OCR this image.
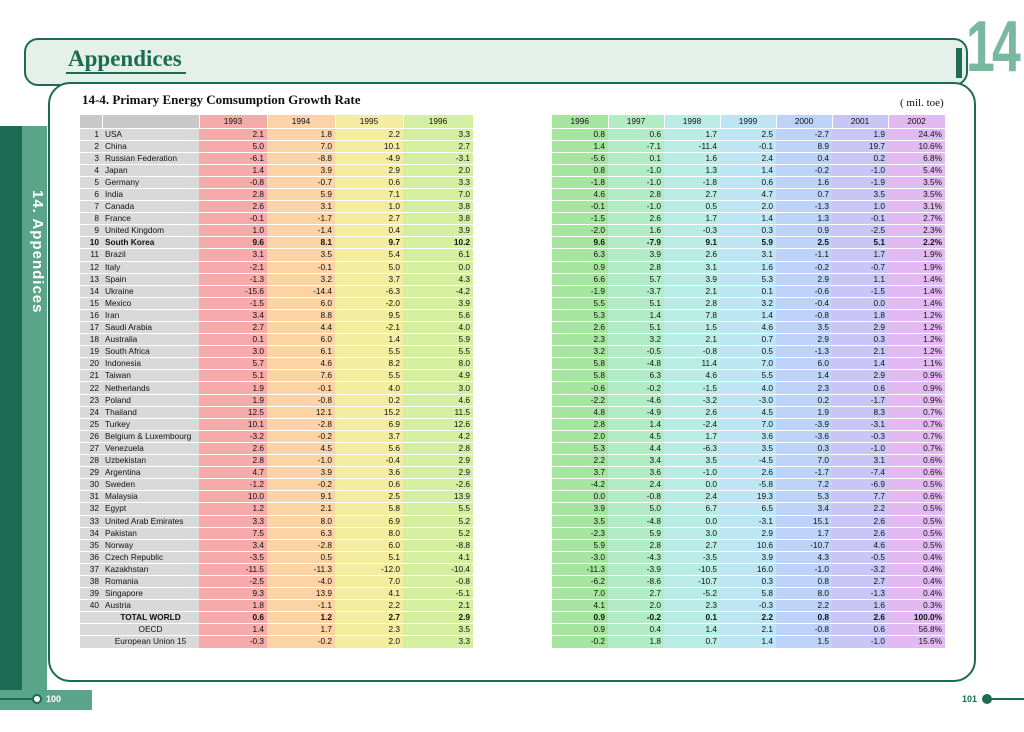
Appendices	14
14. Appendices
14-4. Primary Energy Comsumption Growth Rate	( mil. toe)
		1993	1994	1995	1996
1	USA	2.1	1.8	2.2	3.3
2	China	5.0	7.0	10.1	2.7
3	Russian Federation	-6.1	-8.8	-4.9	-3.1
4	Japan	1.4	3.9	2.9	2.0
5	Germany	-0.8	-0.7	0.6	3.3
6	India	2.8	5.9	7.1	7.0
7	Canada	2.6	3.1	1.0	3.8
8	France	-0.1	-1.7	2.7	3.8
9	United Kingdom	1.0	-1.4	0.4	3.9
10	South Korea	9.6	8.1	9.7	10.2
11	Brazil	3.1	3.5	5.4	6.1
12	Italy	-2.1	-0.1	5.0	0.0
13	Spain	-1.3	3.2	3.7	4.3
14	Ukraine	-15.6	-14.4	-6.3	-4.2
15	Mexico	-1.5	6.0	-2.0	3.9
16	Iran	3.4	8.8	9.5	5.6
17	Saudi Arabia	2.7	4.4	-2.1	4.0
18	Australia	0.1	6.0	1.4	5.9
19	South Africa	3.0	6.1	5.5	5.5
20	Indonesia	5.7	4.6	8.2	8.0
21	Taiwan	5.1	7.6	5.5	4.9
22	Netherlands	1.9	-0.1	4.0	3.0
23	Poland	1.9	-0.8	0.2	4.6
24	Thailand	12.5	12.1	15.2	11.5
25	Turkey	10.1	-2.8	6.9	12.6
26	Belgium & Luxembourg	-3.2	-0.2	3.7	4.2
27	Venezuela	2.6	4.5	5.6	2.8
28	Uzbekistan	2.8	-1.0	-0.4	2.9
29	Argentina	4.7	3.9	3.6	2.9
30	Sweden	-1.2	-0.2	0.6	-2.6
31	Malaysia	10.0	9.1	2.5	13.9
32	Egypt	1.2	2.1	5.8	5.5
33	United Arab Emirates	3.3	8.0	6.9	5.2
34	Pakistan	7.5	6.3	8.0	5.2
35	Norway	3.4	-2.8	6.0	-8.8
36	Czech Republic	-3.5	0.5	5.1	4.1
37	Kazakhstan	-11.5	-11.3	-12.0	-10.4
38	Romania	-2.5	-4.0	7.0	-0.8
39	Singapore	9.3	13.9	4.1	-5.1
40	Austria	1.8	-1.1	2.2	2.1
	TOTAL WORLD	0.6	1.2	2.7	2.9
	OECD	1.4	1.7	2.3	3.5
	European Union 15	-0.3	-0.2	2.0	3.3
1996	1997	1998	1999	2000	2001	2002
0.8	0.6	1.7	2.5	-2.7	1.9	24.4%
1.4	-7.1	-11.4	-0.1	8.9	19.7	10.6%
-5.6	0.1	1.6	2.4	0.4	0.2	6.8%
0.8	-1.0	1.3	1.4	-0.2	-1.0	5.4%
-1.8	-1.0	-1.8	0.6	1.6	-1.9	3.5%
4.6	2.8	2.7	4.7	0.7	3.5	3.5%
-0.1	-1.0	0.5	2.0	-1.3	1.0	3.1%
-1.5	2.6	1.7	1.4	1.3	-0.1	2.7%
-2.0	1.6	-0.3	0.3	0.9	-2.5	2.3%
9.6	-7.9	9.1	5.9	2.5	5.1	2.2%
6.3	3.9	2.6	3.1	-1.1	1.7	1.9%
0.9	2.8	3.1	1.6	-0.2	-0.7	1.9%
6.6	5.7	3.9	5.3	2.9	1.1	1.4%
-1.9	-3.7	2.1	0.1	-0.6	-1.5	1.4%
5.5	5.1	2.8	3.2	-0.4	0.0	1.4%
5.3	1.4	7.8	1.4	-0.8	1.8	1.2%
2.6	5.1	1.5	4.6	3.5	2.9	1.2%
2.3	3.2	2.1	0.7	2.9	0.3	1.2%
3.2	-0.5	-0.8	0.5	-1.3	2.1	1.2%
5.8	-4.8	11.4	7.0	6.0	1.4	1.1%
5.8	6.3	4.6	5.5	1.4	2.9	0.9%
-0.6	-0.2	-1.5	4.0	2.3	0.6	0.9%
-2.2	-4.6	-3.2	-3.0	0.2	-1.7	0.9%
4.8	-4.9	2.6	4.5	1.9	8.3	0.7%
2.8	1.4	-2.4	7.0	-3.9	-3.1	0.7%
2.0	4.5	1.7	3.6	-3.6	-0.3	0.7%
5.3	4.4	-6.3	3.5	0.3	-1.0	0.7%
2.2	3.4	3.5	-4.5	7.0	3.1	0.6%
3.7	3.6	-1.0	2.6	-1.7	-7.4	0.6%
-4.2	2.4	0.0	-5.8	7.2	-6.9	0.5%
0.0	-0.8	2.4	19.3	5.3	7.7	0.6%
3.9	5.0	6.7	6.5	3.4	2.2	0.5%
3.5	-4.8	0.0	-3.1	15.1	2.6	0.5%
-2.3	5.9	3.0	2.9	1.7	2.6	0.5%
5.9	2.8	2.7	10.6	-10.7	4.6	0.5%
-3.0	-4.3	-3.5	3.9	4.3	-0.5	0.4%
-11.3	-3.9	-10.5	16.0	-1.0	-3.2	0.4%
-6.2	-8.6	-10.7	0.3	0.8	2.7	0.4%
7.0	2.7	-5.2	5.8	8.0	-1.3	0.4%
4.1	2.0	2.3	-0.3	2.2	1.6	0.3%
0.9	-0.2	0.1	2.2	0.8	2.6	100.0%
0.9	0.4	1.4	2.1	-0.8	0.6	56.8%
-0.2	1.8	0.7	1.4	1.5	-1.0	15.6%
100	101
